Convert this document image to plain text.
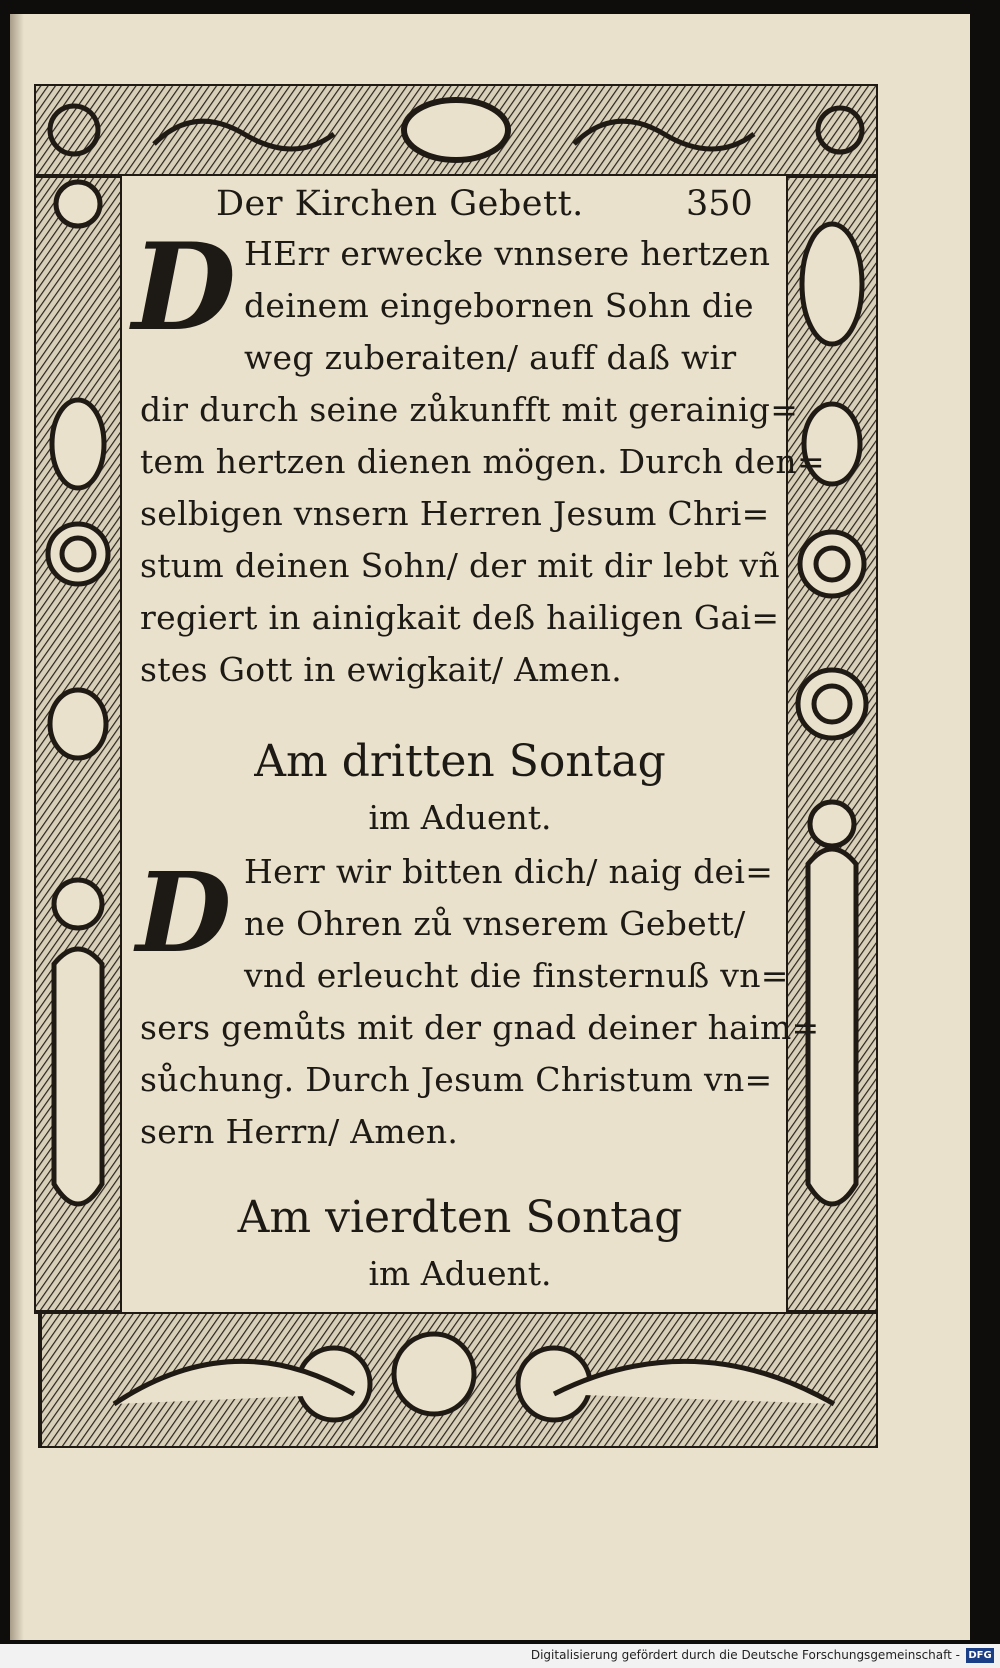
Der Kirchen Gebett.	350
D HErr erwecke vnnsere hertzen
deinem eingebornen Sohn die
weg zuberaiten/ auff daß wir
dir durch seine zůkunfft mit gerainig=
tem hertzen dienen mögen. Durch den=
selbigen vnsern Herren Jesum Chri=
stum deinen Sohn/ der mit dir lebt vñ
regiert in ainigkait deß hailigen Gai=
stes Gott in ewigkait/ Amen.
Am dritten Sontag
im Aduent.
D Herr wir bitten dich/ naig dei=
ne Ohren zů vnserem Gebett/
vnd erleucht die finsternuß vn=
sers gemůts mit der gnad deiner haim=
sůchung. Durch Jesum Christum vn=
sern Herrn/ Amen.
Am vierdten Sontag
im Aduent.
Digitalisierung gefördert durch die Deutsche Forschungsgemeinschaft - DFG
